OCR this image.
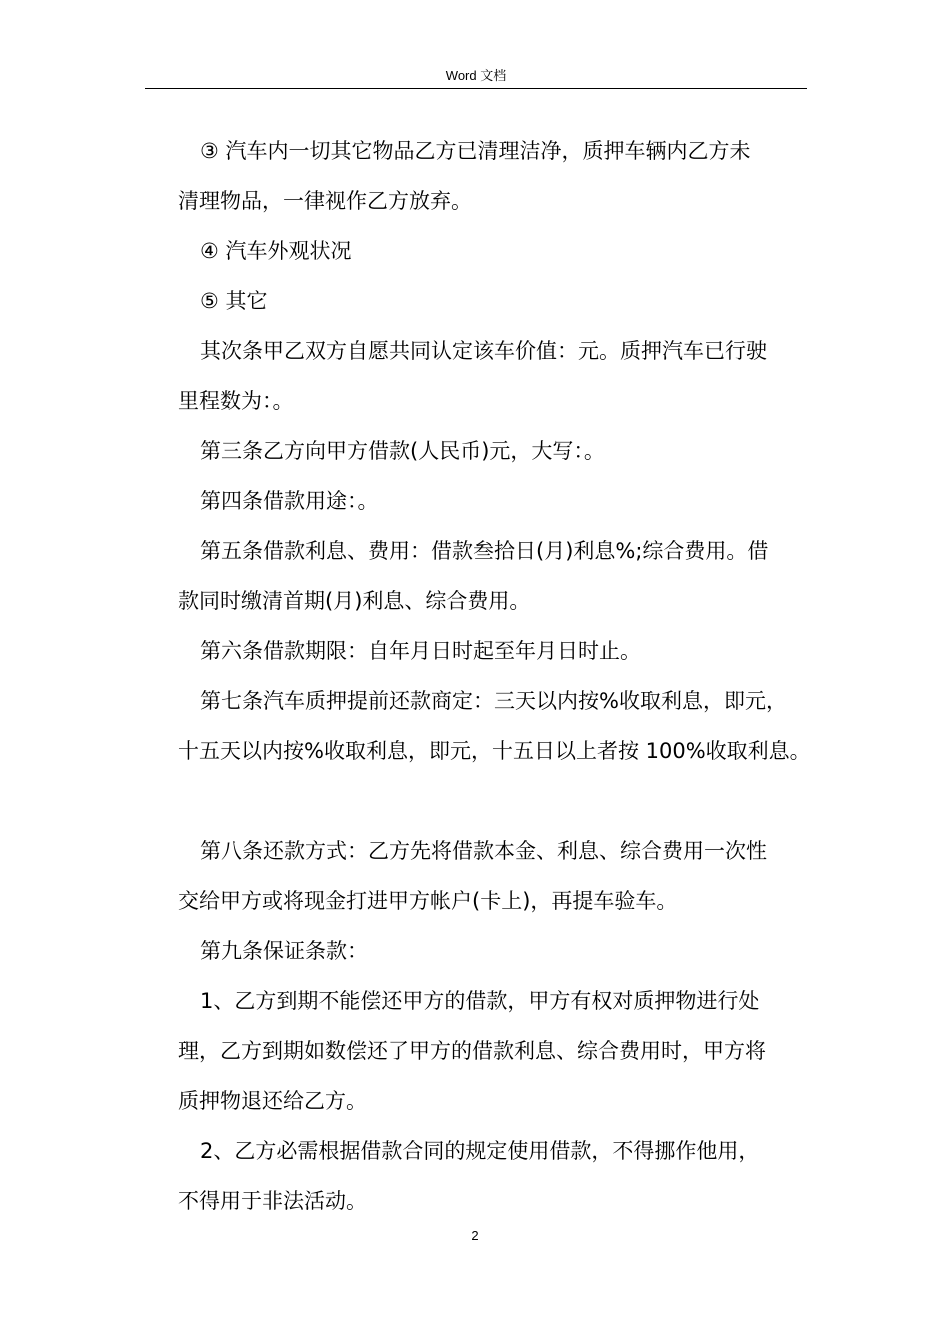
Word 文档

③ 汽车内一切其它物品乙方已清理洁净，质押车辆内乙方未

清理物品，一律视作乙方放弃。

④ 汽车外观状况

⑤ 其它

其次条甲乙双方自愿共同认定该车价值：元。质押汽车已行驶

里程数为：。

第三条乙方向甲方借款(人民币)元，大写：。

第四条借款用途：。

第五条借款利息、费用：借款叁拾日(月)利息%;综合费用。借

款同时缴清首期(月)利息、综合费用。

第六条借款期限：自年月日时起至年月日时止。

第七条汽车质押提前还款商定：三天以内按%收取利息，即元，

十五天以内按%收取利息，即元，十五日以上者按 100%收取利息。

第八条还款方式：乙方先将借款本金、利息、综合费用一次性

交给甲方或将现金打进甲方帐户(卡上)，再提车验车。

第九条保证条款：

1、乙方到期不能偿还甲方的借款，甲方有权对质押物进行处

理，乙方到期如数偿还了甲方的借款利息、综合费用时，甲方将

质押物退还给乙方。

2、乙方必需根据借款合同的规定使用借款，不得挪作他用，

不得用于非法活动。

2
